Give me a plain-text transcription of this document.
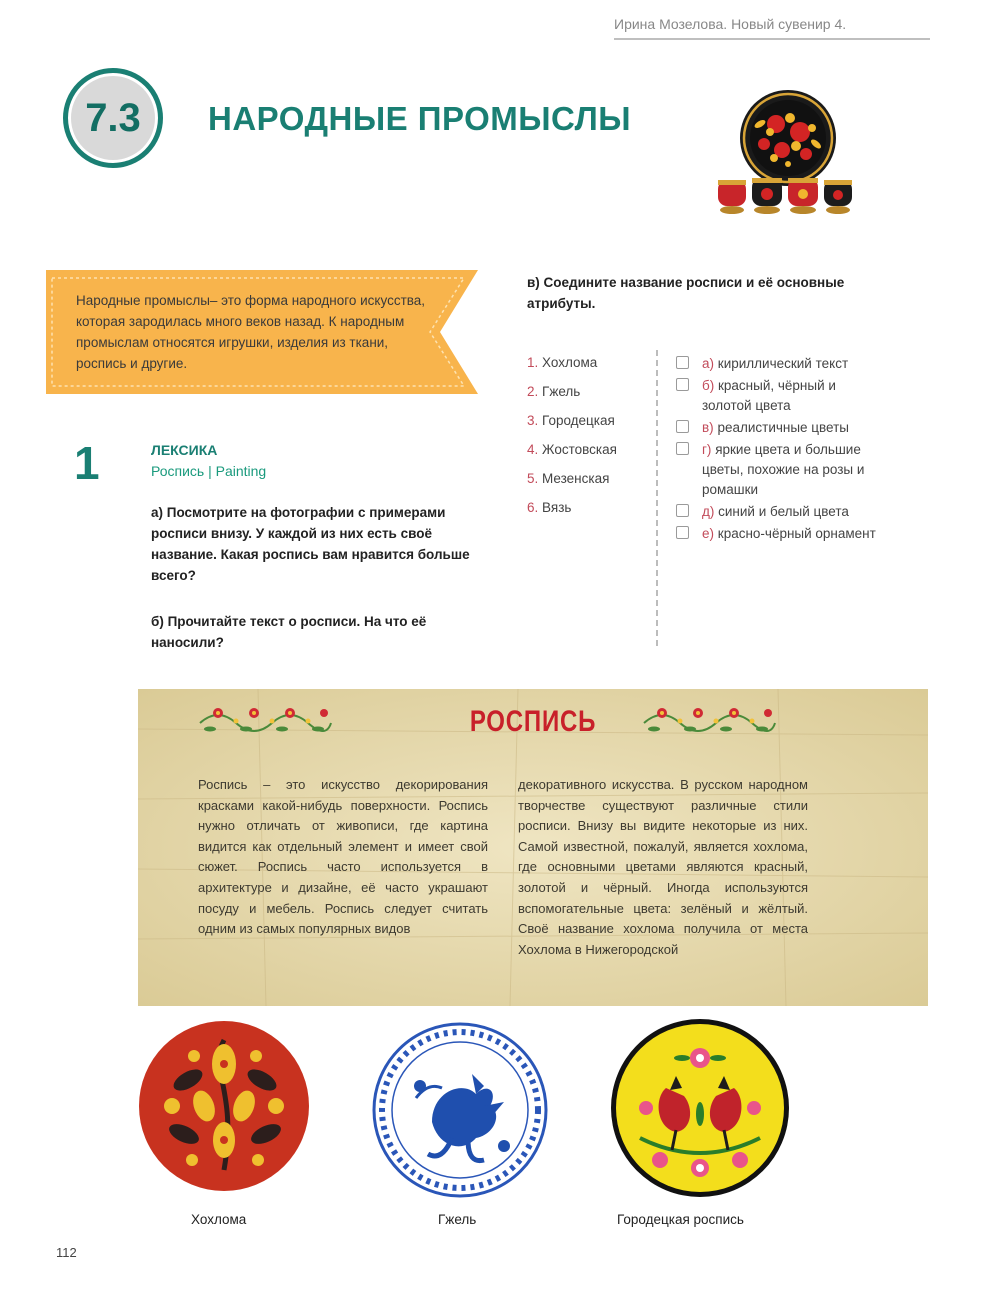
Ирина Мозелова. Новый сувенир 4.
7.3 НАРОДНЫЕ ПРОМЫСЛЫ
Народные промыслы– это форма народного искусства, которая зародилась много веков назад. К народным промыслам относятся игрушки, изделия из ткани, роспись и другие.
1	ЛЕКСИКА
Роспись | Painting
а) Посмотрите на фотографии с примерами росписи внизу. У каждой из них есть своё название. Какая роспись вам нравится больше всего?
б) Прочитайте текст о росписи. На что её наносили?
в) Соедините название росписи и её основные атрибуты.
1. Хохлома
2. Гжель
3. Городецкая
4. Жостовская
5. Мезенская
6. Вязь
а) кириллический текст
б) красный, чёрный и золотой цвета
в) реалистичные цветы
г) яркие цвета и большие цветы, похожие на розы и ромашки
д) синий и белый цвета
е) красно-чёрный орнамент
РОСПИСЬ
Роспись – это искусство декорирования красками какой-нибудь поверхности. Роспись нужно отличать от живописи, где картина видится как отдельный элемент и имеет свой сюжет. Роспись часто используется в архитектуре и дизайне, её часто украшают посуду и мебель. Роспись следует считать одним из самых популярных видов
декоративного искусства. В русском народном творчестве существуют различные стили росписи. Внизу вы видите некоторые из них. Самой известной, пожалуй, является хохлома, где основными цветами являются красный, золотой и чёрный. Иногда используются вспомогательные цвета: зелёный и жёлтый. Своё название хохлома получила от места Хохлома в Нижегородской
Хохлома	Гжель	Городецкая роспись
112
